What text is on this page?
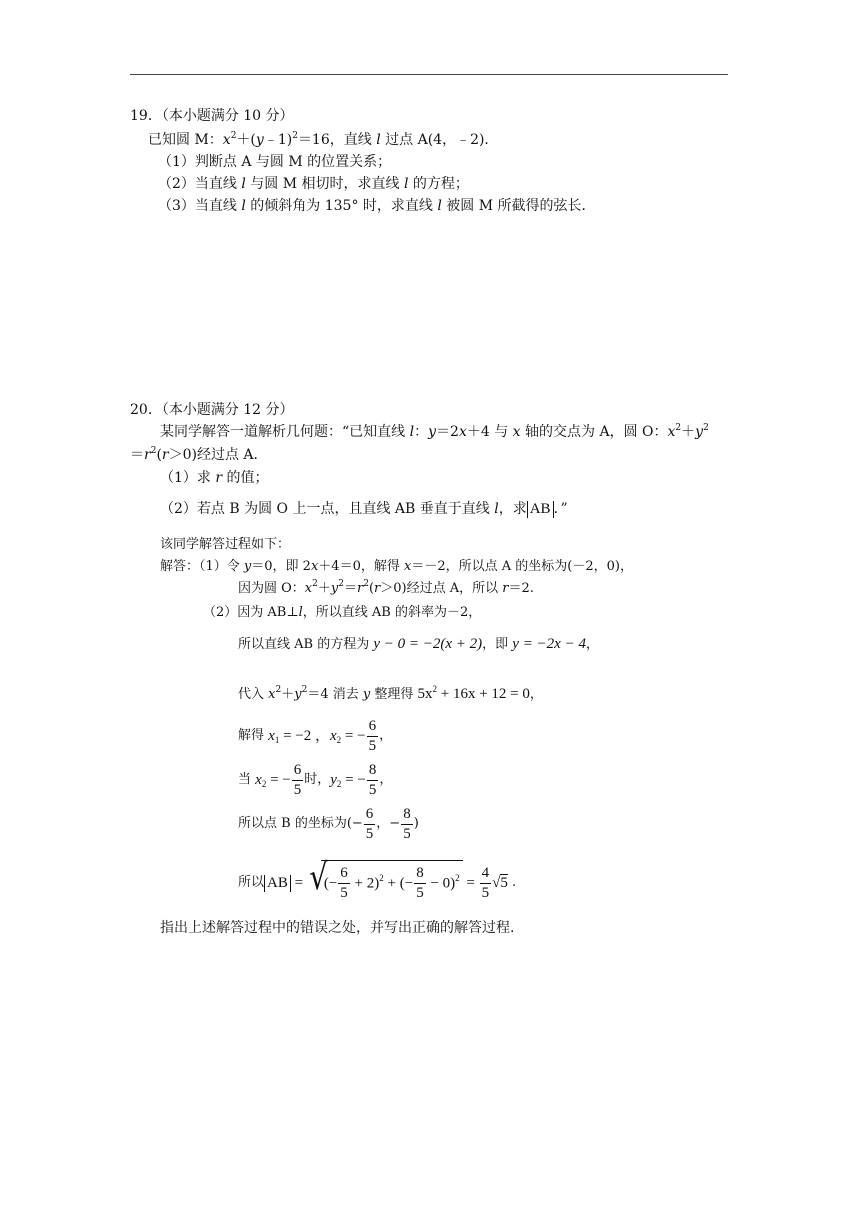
19．（本小题满分 10 分）
已知圆 M：$x^2+(y﹣1)^2=16$，直线 l 过点 A(4，﹣2)．
（1）判断点 A 与圆 M 的位置关系；
（2）当直线 l 与圆 M 相切时，求直线 l 的方程；
（3）当直线 l 的倾斜角为 135° 时，求直线 l 被圆 M 所截得的弦长．
20．（本小题满分 12 分）
某同学解答一道解析几何题：“已知直线 l：y＝2x＋4 与 x 轴的交点为 A，圆 O：$x^2+y^2$
$=r^2(r>0)$经过点 A．
（1）求 r 的值；
（2）若点 B 为圆 O 上一点，且直线 AB 垂直于直线 l，求 AB ．”
该同学解答过程如下：
解答：（1）令 y＝0，即 2x＋4＝0，解得 x＝－2，所以点 A 的坐标为(－2，0)，
因为圆 O：$x^2+y^2=r^2(r>0)$经过点 A，所以 r＝2.
（2）因为 AB⊥l，所以直线 AB 的斜率为－2，
所以直线 AB 的方程为 y − 0 = −2(x + 2)，即 y = −2x − 4，
代入 $x^2+y^2=4$ 消去 y 整理得 $5x^2 + 16x + 12 = 0$，
解得 $x_1 = -2$ ，$x_2$ = − $\frac{6}{5}$ ，
当 $x_2$ = − $\frac{6}{5}$ 时，$y_2$ = − $\frac{8}{5}$ ，
所以点 B 的坐标为(− $\frac{6}{5}$ ，− $\frac{8}{5}$ )
所以 AB = √
(− $\frac{6}{5} + 2)^2$ + (− $\frac{8}{5} - 0)^2 = \frac{4}{5} √5$ .
指出上述解答过程中的错误之处，并写出正确的解答过程.
